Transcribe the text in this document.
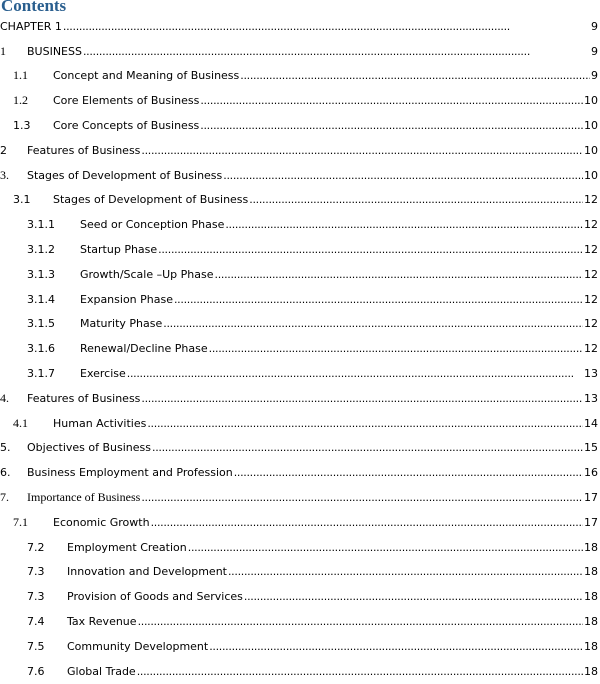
Contents
CHAPTER 1 . . .	9
1	BUSINESS . . .	9
1.1	Concept and Meaning of Business . . .	9
1.2	Core Elements of Business . . .	10
1.3	Core Concepts of Business . . .	10
2	Features of Business . . .	10
3.	Stages of Development of Business . . .	10
3.1	Stages of Development of Business . . .	12
3.1.1	Seed or Conception Phase . . .	12
3.1.2	Startup Phase . . .	12
3.1.3	Growth/Scale –Up Phase . . .	12
3.1.4	Expansion Phase . . .	12
3.1.5	Maturity Phase . . .	12
3.1.6	Renewal/Decline Phase . . .	12
3.1.7	Exercise . . .	13
4.	Features of Business . . .	13
4.1	Human Activities . . .	14
5.	Objectives of Business . . .	15
6.	Business Employment and Profession . . .	16
7.	Importance of Business . . .	17
7.1	Economic Growth . . .	17
7.2	Employment Creation . . .	18
7.3	Innovation and Development . . .	18
7.3	Provision of Goods and Services . . .	18
7.4	Tax Revenue . . .	18
7.5	Community Development . . .	18
7.6	Global Trade . . .	18
